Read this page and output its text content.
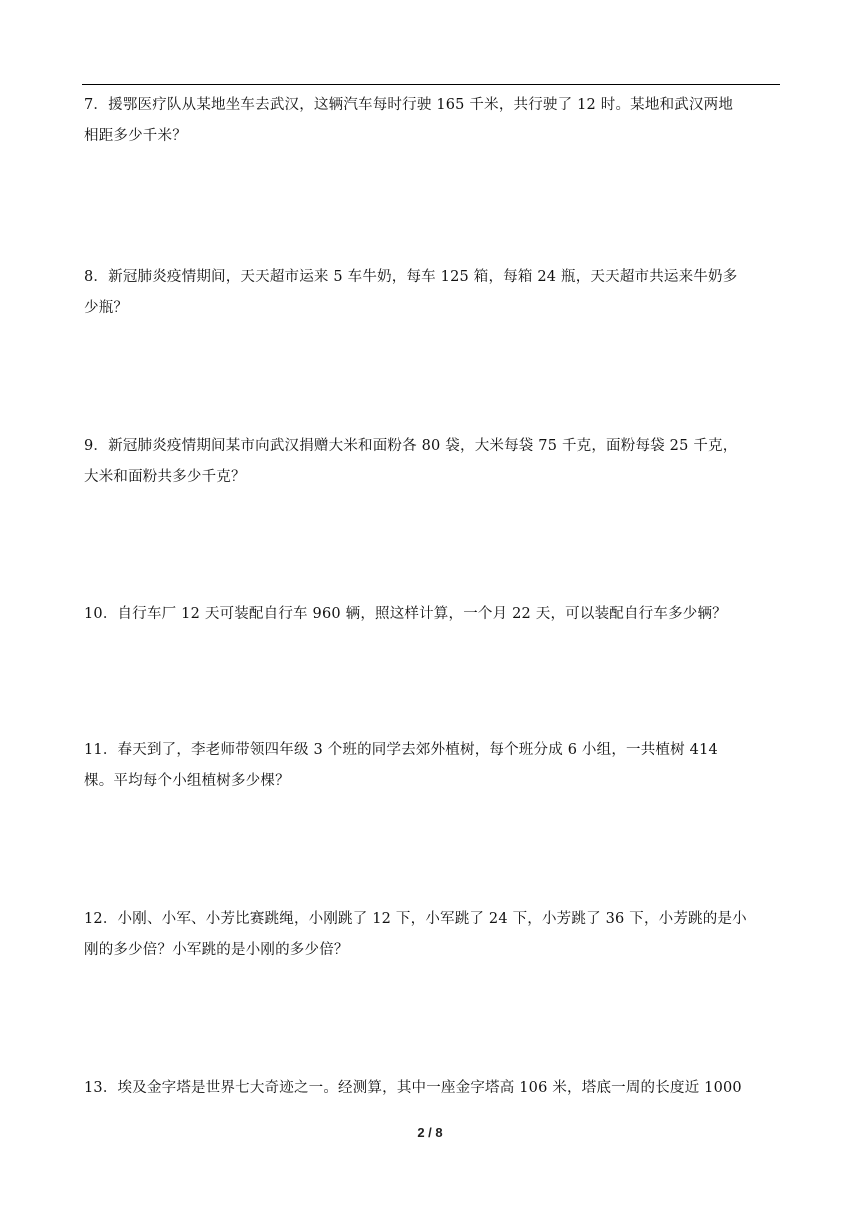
7．援鄂医疗队从某地坐车去武汉，这辆汽车每时行驶 165 千米，共行驶了 12 时。某地和武汉两地
相距多少千米？
8．新冠肺炎疫情期间，天天超市运来 5 车牛奶，每车 125 箱，每箱 24 瓶，天天超市共运来牛奶多
少瓶？
9．新冠肺炎疫情期间某市向武汉捐赠大米和面粉各 80 袋，大米每袋 75 千克，面粉每袋 25 千克，
大米和面粉共多少千克？
10．自行车厂 12 天可装配自行车 960 辆，照这样计算，一个月 22 天，可以装配自行车多少辆？
11．春天到了，李老师带领四年级 3 个班的同学去郊外植树，每个班分成 6 小组，一共植树 414
棵。平均每个小组植树多少棵？
12．小刚、小军、小芳比赛跳绳，小刚跳了 12 下，小军跳了 24 下，小芳跳了 36 下，小芳跳的是小
刚的多少倍？小军跳的是小刚的多少倍？
13．埃及金字塔是世界七大奇迹之一。经测算，其中一座金字塔高 106 米，塔底一周的长度近 1000
2 / 8
